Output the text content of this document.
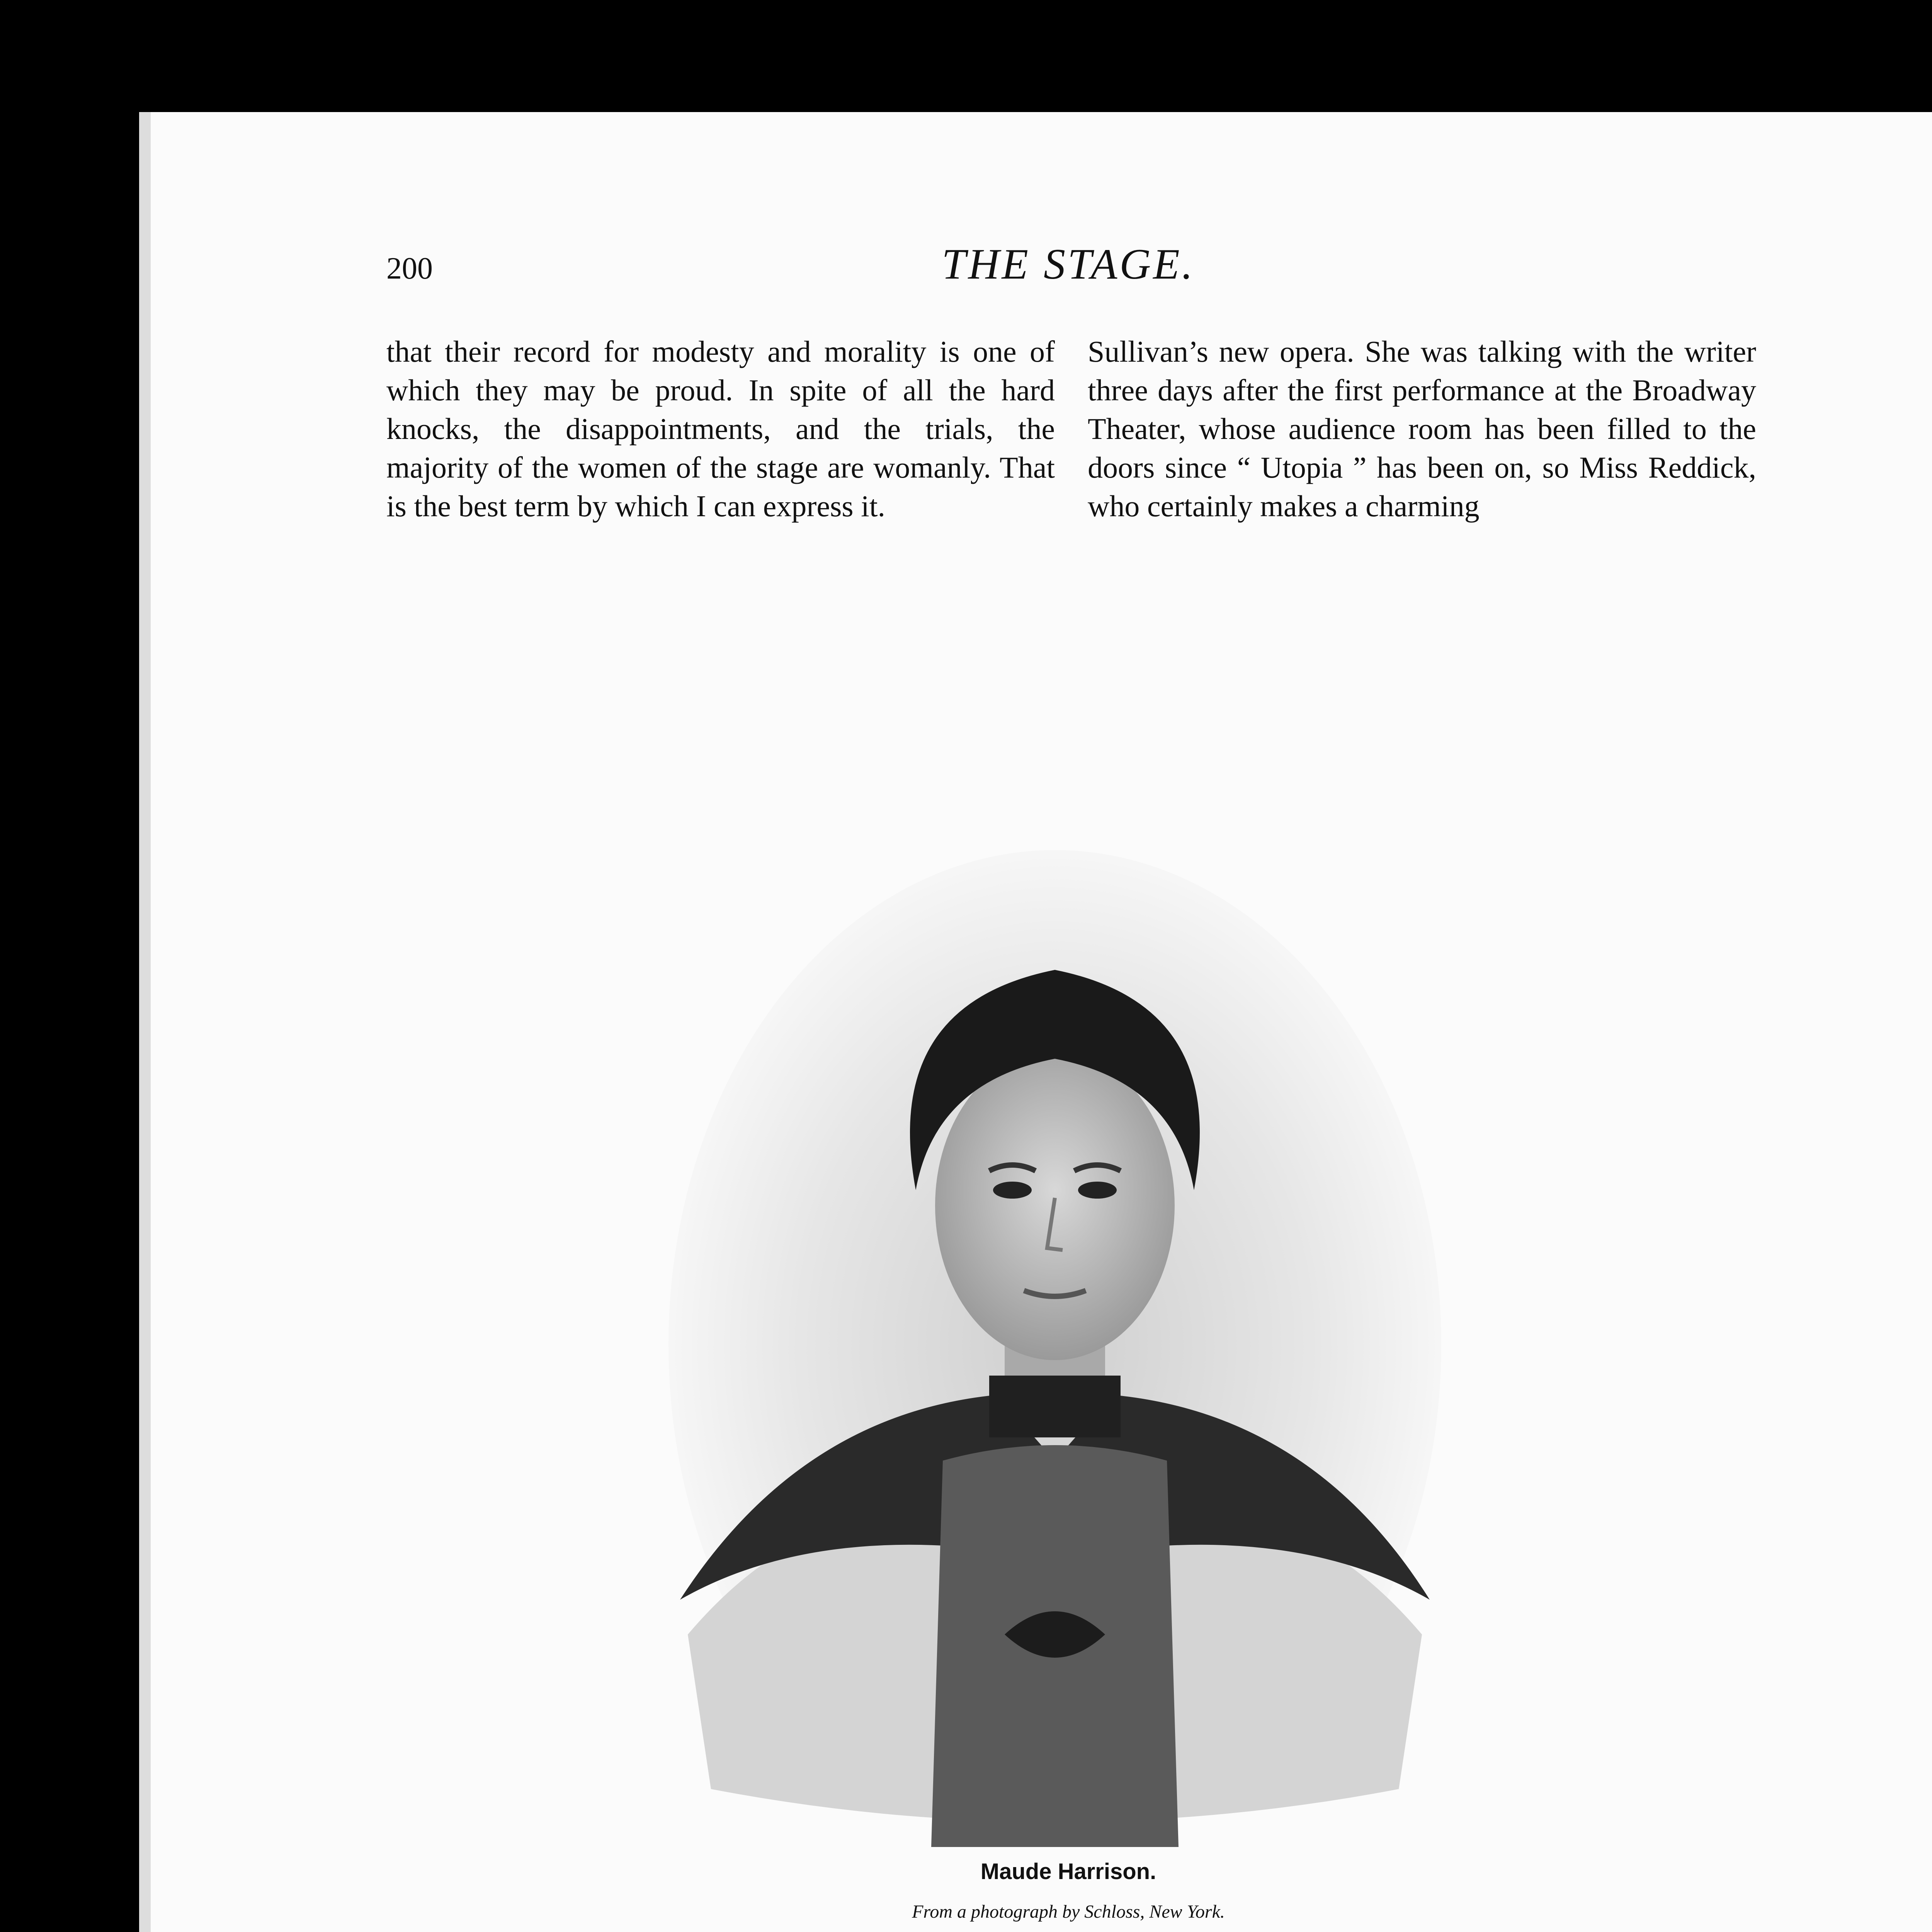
200	THE STAGE.

that their record for modesty and morality is one of which they may be proud. In spite of all the hard knocks, the disappointments, and the trials, the majority of the women of the stage are womanly. That is the best term by which I can express it.

Sullivan’s new opera. She was talking with the writer three days after the first performance at the Broadway Theater, whose audience room has been filled to the doors since “ Utopia ” has been on, so Miss Reddick, who certainly makes a charming

Maude Harrison.
From a photograph by Schloss, New York.
